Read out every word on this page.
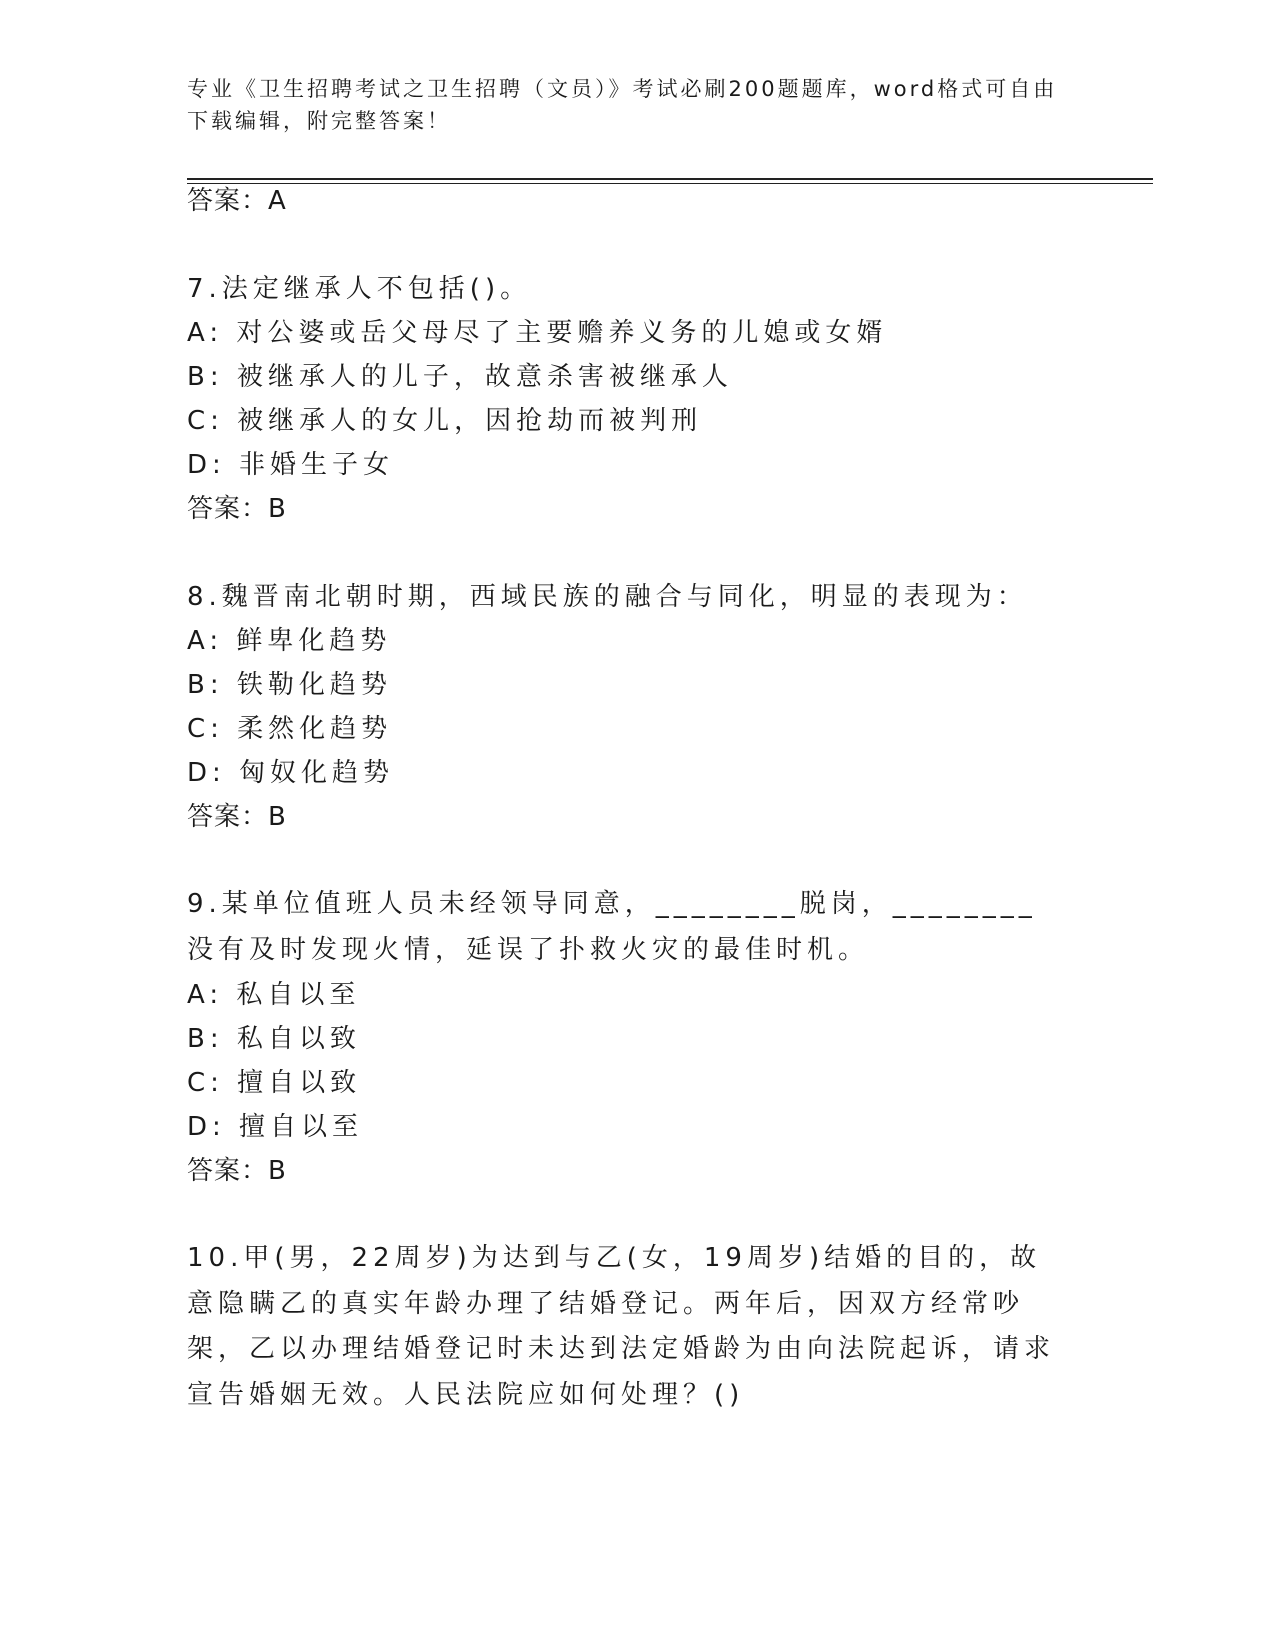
专业《卫生招聘考试之卫生招聘（文员）》考试必刷200题题库，word格式可自由下载编辑，附完整答案！
答案：A
7.法定继承人不包括()。
A: 对公婆或岳父母尽了主要赡养义务的儿媳或女婿
B: 被继承人的儿子，故意杀害被继承人
C: 被继承人的女儿，因抢劫而被判刑
D: 非婚生子女
答案：B
8.魏晋南北朝时期，西域民族的融合与同化，明显的表现为：
A: 鲜卑化趋势
B: 铁勒化趋势
C: 柔然化趋势
D: 匈奴化趋势
答案：B
9.某单位值班人员未经领导同意，________脱岗，________没有及时发现火情，延误了扑救火灾的最佳时机。
A: 私自以至
B: 私自以致
C: 擅自以致
D: 擅自以至
答案：B
10.甲(男，22周岁)为达到与乙(女，19周岁)结婚的目的，故意隐瞒乙的真实年龄办理了结婚登记。两年后，因双方经常吵架，乙以办理结婚登记时未达到法定婚龄为由向法院起诉，请求宣告婚姻无效。人民法院应如何处理？()
